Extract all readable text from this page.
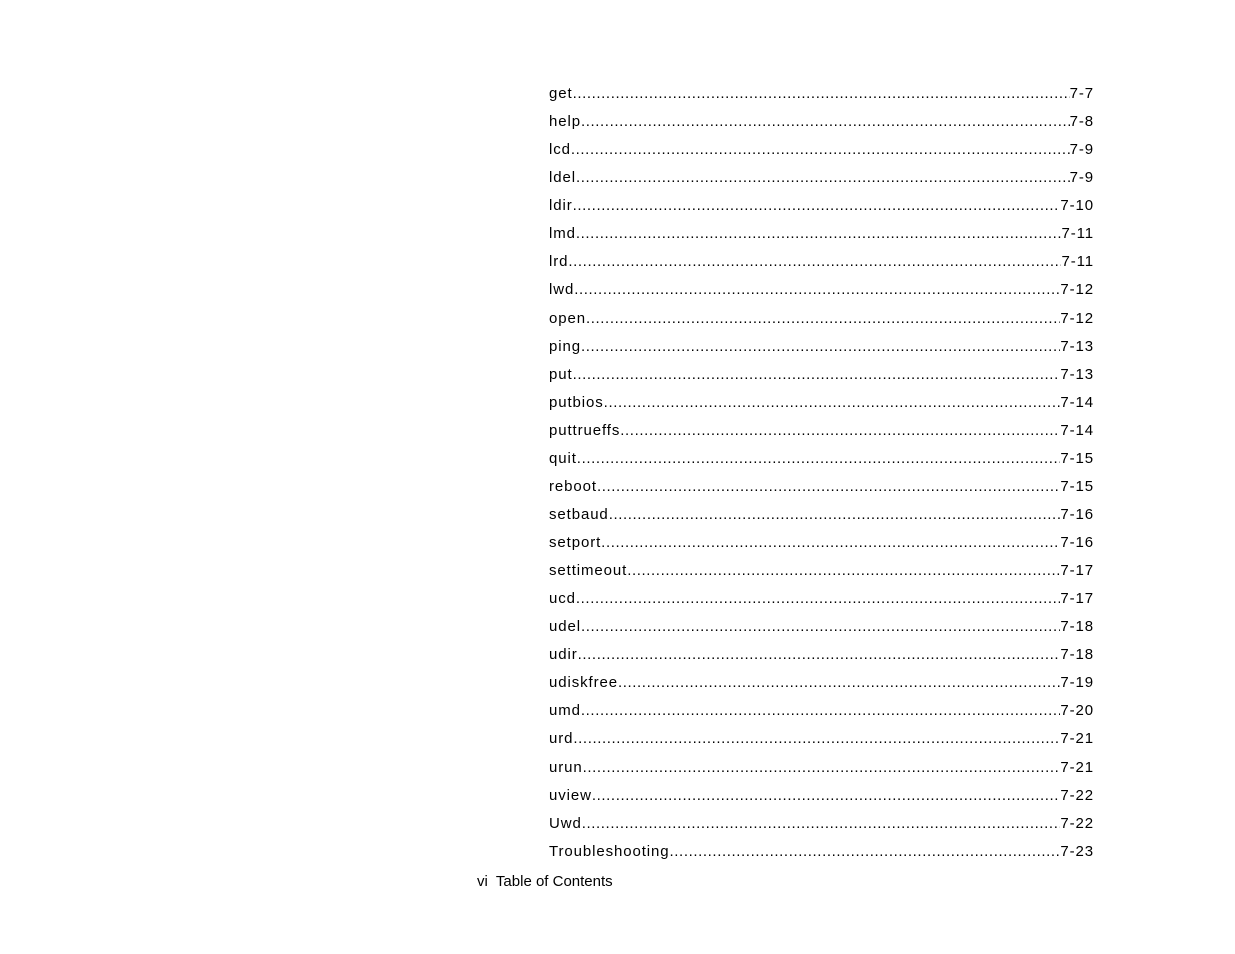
get .....	7-7
help .....	7-8
lcd .....	7-9
ldel .....	7-9
ldir .....	7-10
lmd .....	7-11
lrd .....	7-11
lwd .....	7-12
open .....	7-12
ping .....	7-13
put .....	7-13
putbios .....	7-14
puttrueffs .....	7-14
quit .....	7-15
reboot .....	7-15
setbaud .....	7-16
setport .....	7-16
settimeout .....	7-17
ucd .....	7-17
udel .....	7-18
udir .....	7-18
udiskfree .....	7-19
umd .....	7-20
urd .....	7-21
urun .....	7-21
uview .....	7-22
Uwd .....	7-22
Troubleshooting .....	7-23
vi Table of Contents
